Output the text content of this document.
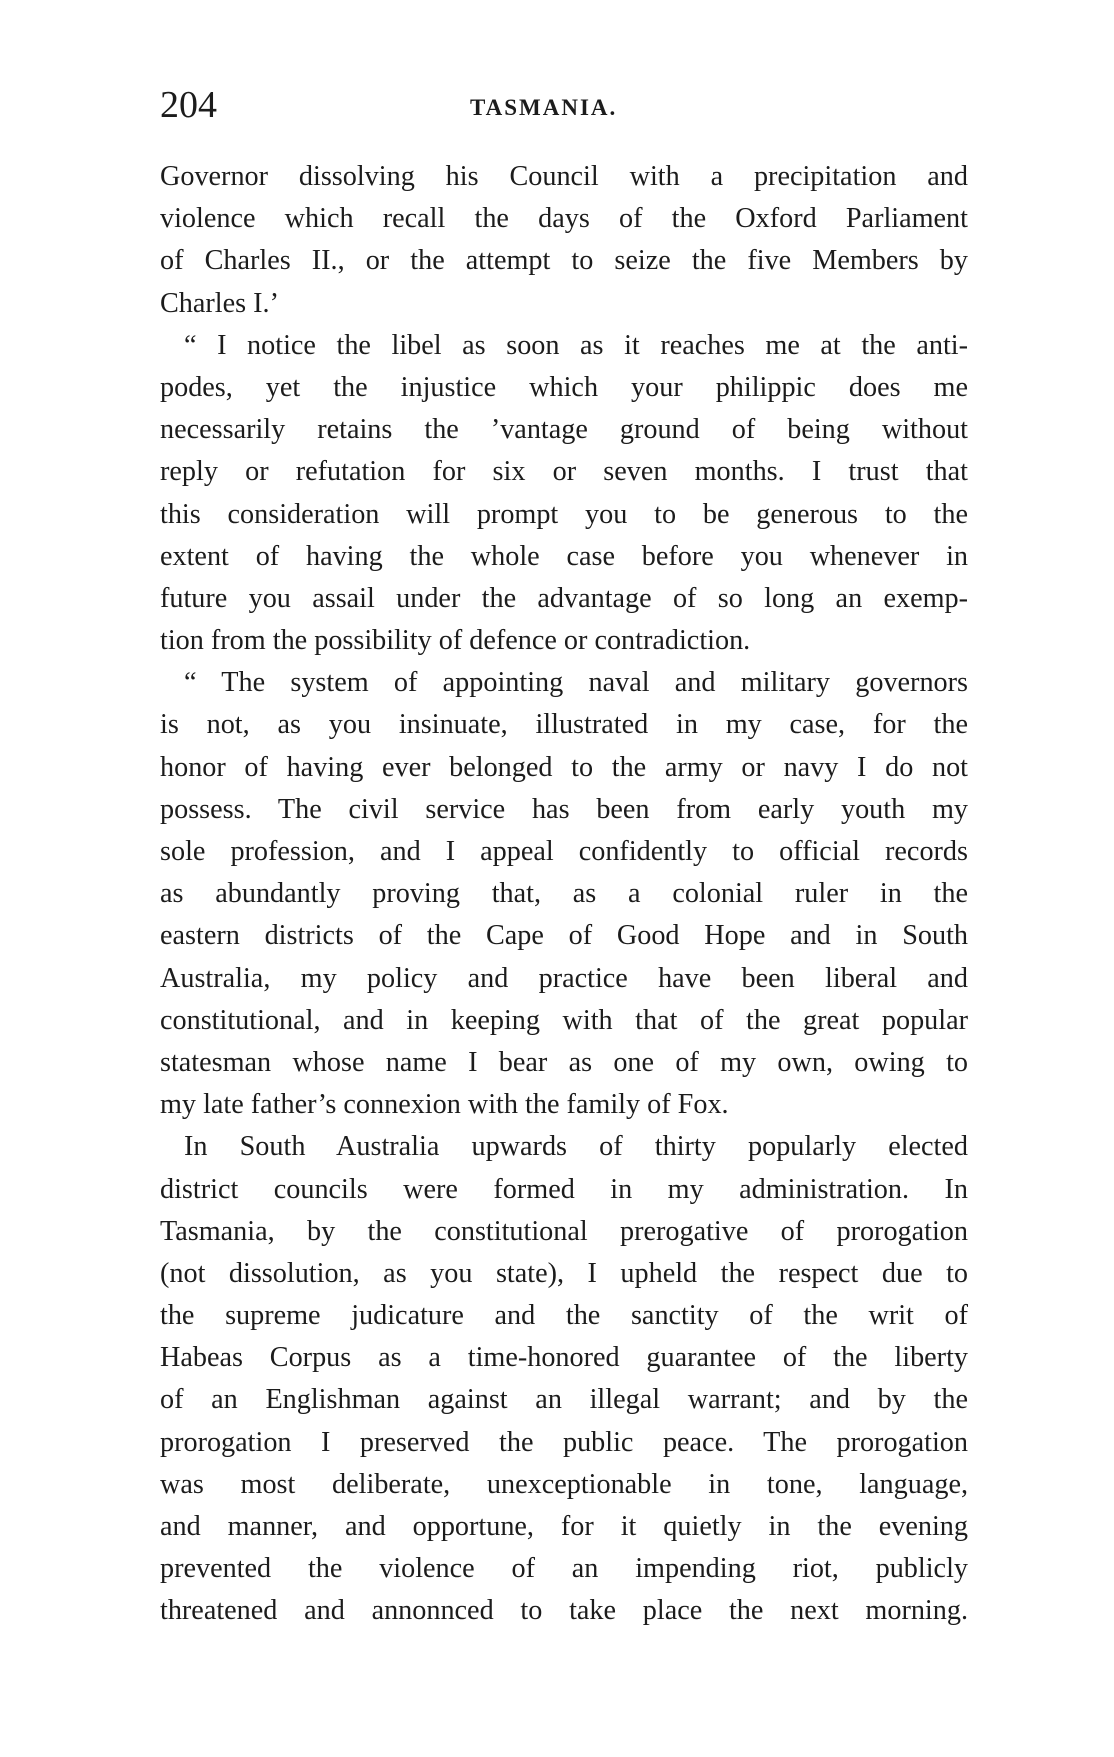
204	TASMANIA.
Governor dissolving his Council with a precipitation and
violence which recall the days of the Oxford Parliament
of Charles II., or the attempt to seize the five Members by
Charles I.’
“ I notice the libel as soon as it reaches me at the anti-
podes, yet the injustice which your philippic does me
necessarily retains the ’vantage ground of being without
reply or refutation for six or seven months. I trust that
this consideration will prompt you to be generous to the
extent of having the whole case before you whenever in
future you assail under the advantage of so long an exemp-
tion from the possibility of defence or contradiction.
“ The system of appointing naval and military governors
is not, as you insinuate, illustrated in my case, for the
honor of having ever belonged to the army or navy I do not
possess. The civil service has been from early youth my
sole profession, and I appeal confidently to official records
as abundantly proving that, as a colonial ruler in the
eastern districts of the Cape of Good Hope and in South
Australia, my policy and practice have been liberal and
constitutional, and in keeping with that of the great popular
statesman whose name I bear as one of my own, owing to
my late father’s connexion with the family of Fox.
In South Australia upwards of thirty popularly elected
district councils were formed in my administration. In
Tasmania, by the constitutional prerogative of prorogation
(not dissolution, as you state), I upheld the respect due to
the supreme judicature and the sanctity of the writ of
Habeas Corpus as a time-honored guarantee of the liberty
of an Englishman against an illegal warrant; and by the
prorogation I preserved the public peace. The prorogation
was most deliberate, unexceptionable in tone, language,
and manner, and opportune, for it quietly in the evening
prevented the violence of an impending riot, publicly
threatened and annonnced to take place the next morning.
